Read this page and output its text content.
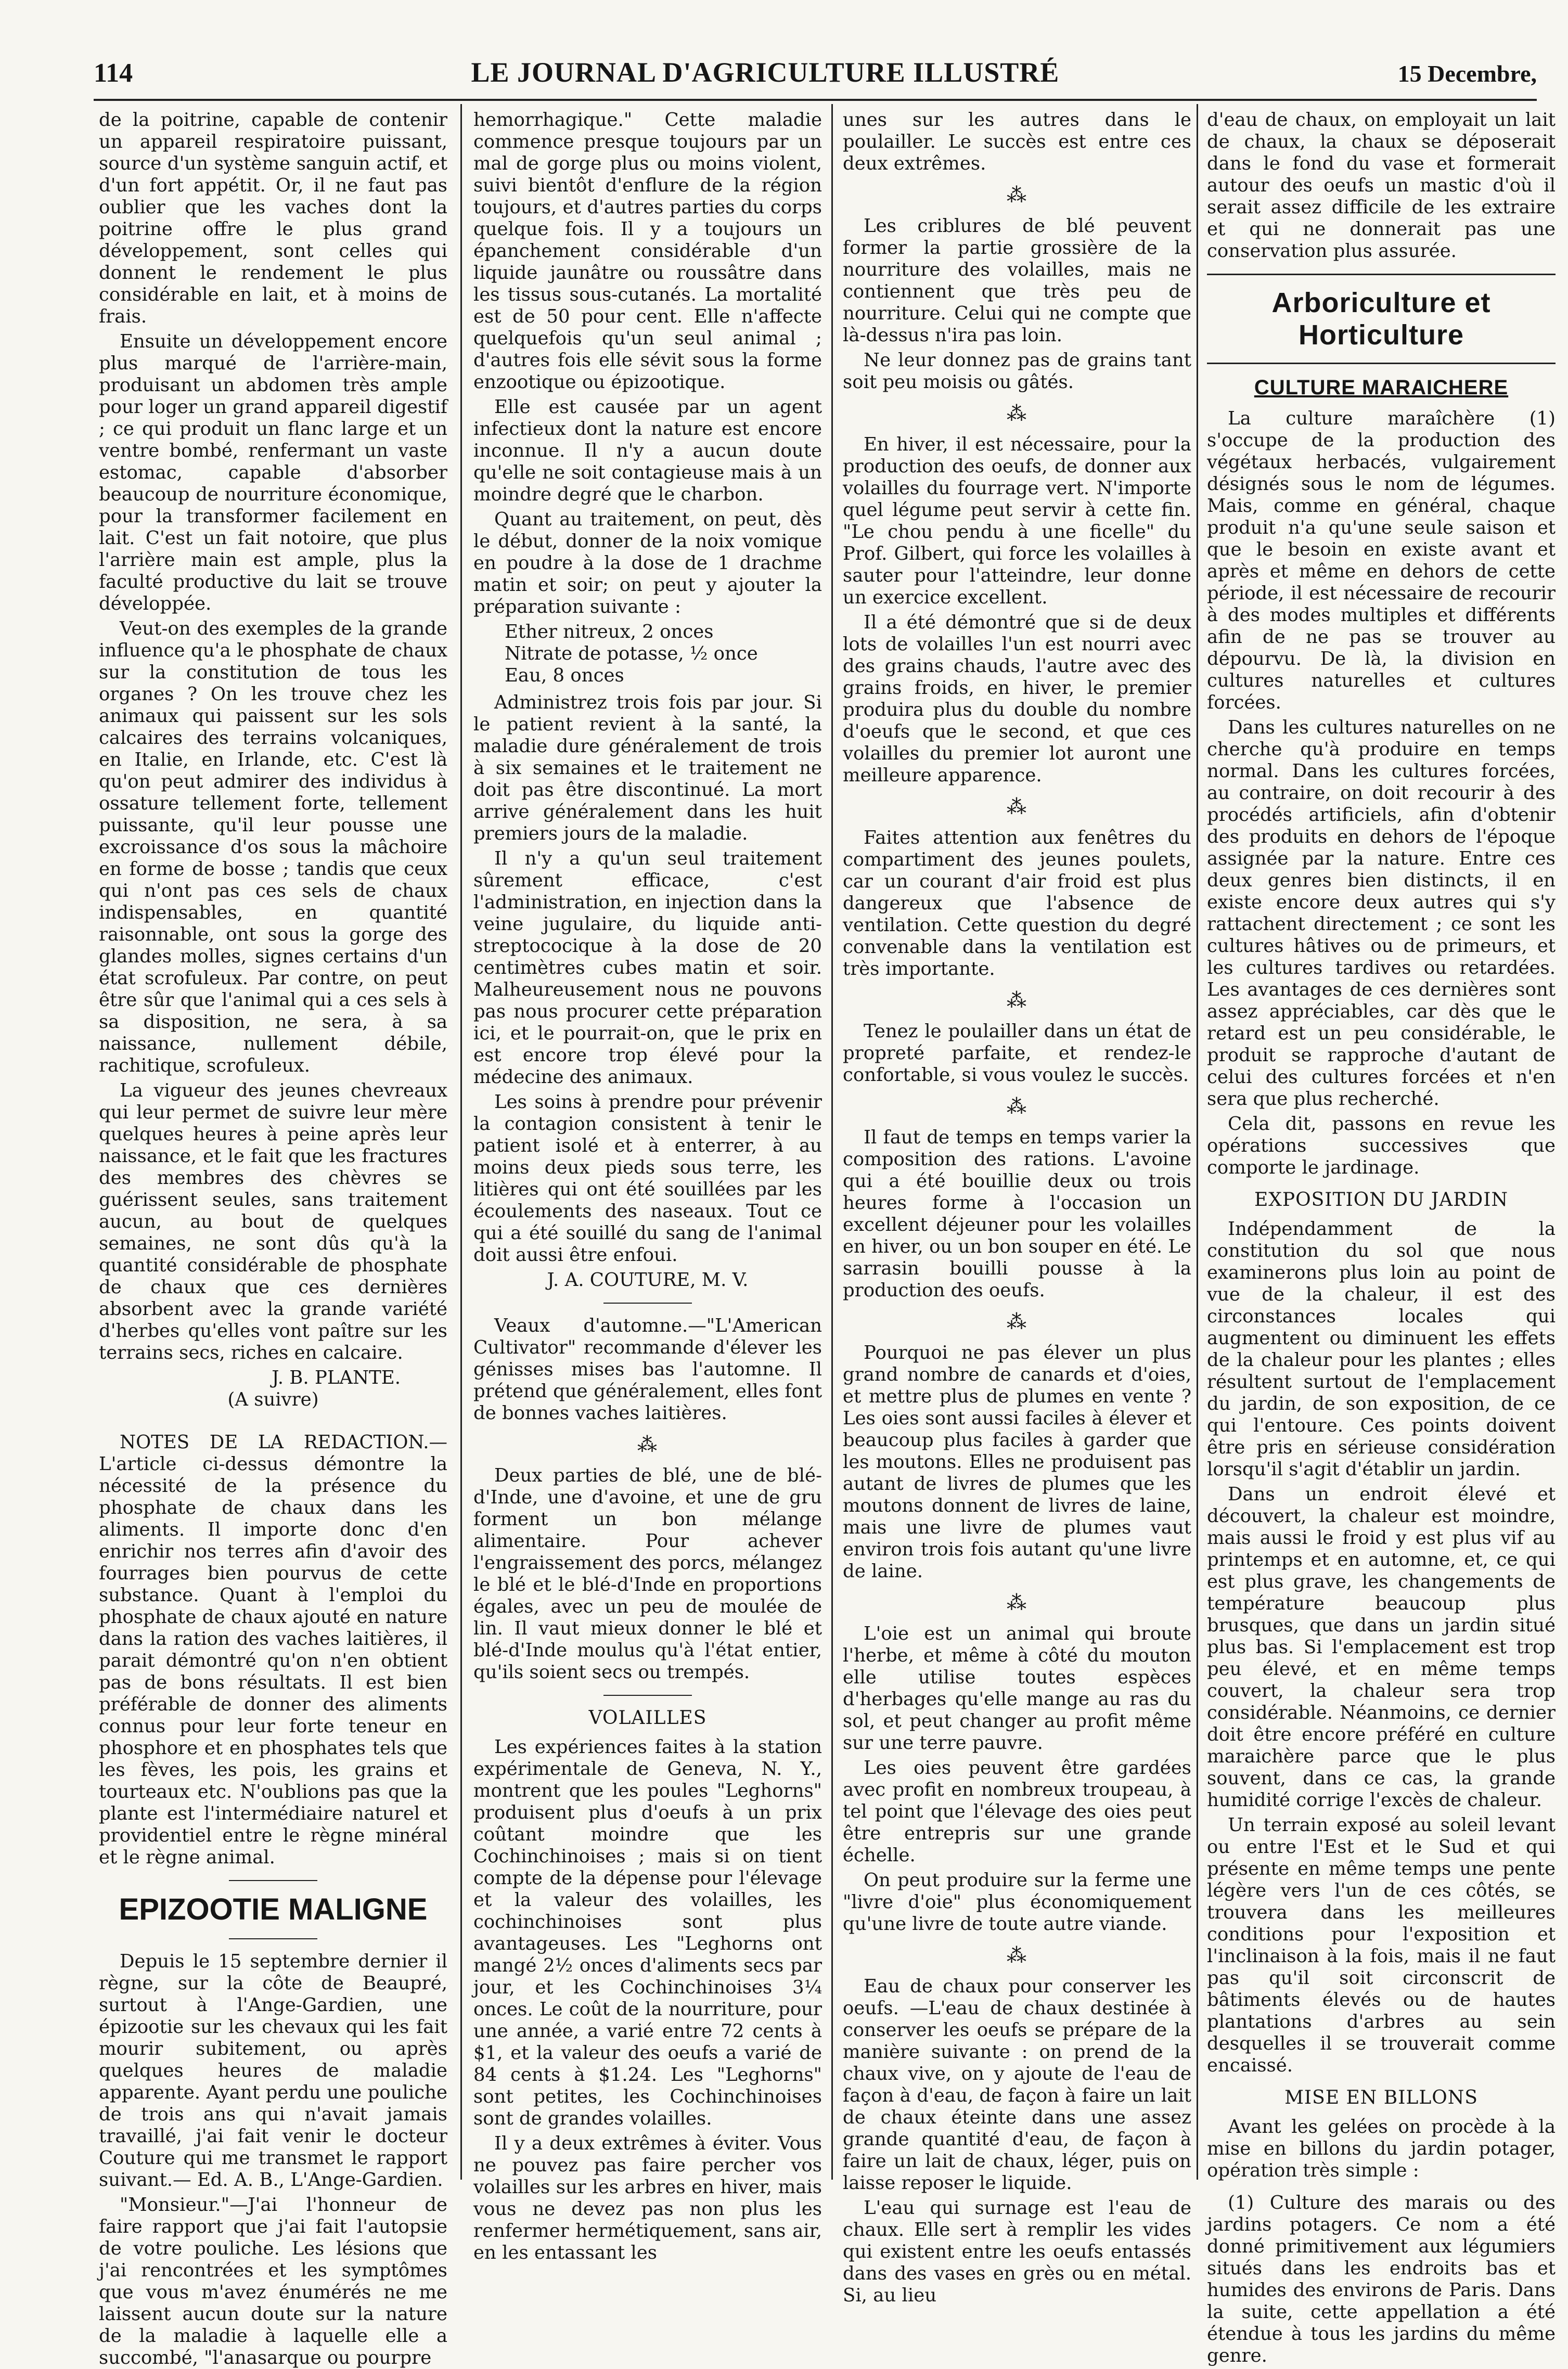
114	LE JOURNAL D'AGRICULTURE ILLUSTRÉ	15 Decembre,

de la poitrine, capable de contenir un appareil respiratoire puissant, source d'un système sanguin actif, et d'un fort appétit. Or, il ne faut pas oublier que les vaches dont la poitrine offre le plus grand développement, sont celles qui donnent le rendement le plus considérable en lait, et à moins de frais.

Ensuite un développement encore plus marqué de l'arrière-main, produisant un abdomen très ample pour loger un grand appareil digestif ; ce qui produit un flanc large et un ventre bombé, renfermant un vaste estomac, capable d'absorber beaucoup de nourriture économique, pour la transformer facilement en lait. C'est un fait notoire, que plus l'arrière main est ample, plus la faculté productive du lait se trouve développée.

Veut-on des exemples de la grande influence qu'a le phosphate de chaux sur la constitution de tous les organes ? On les trouve chez les animaux qui paissent sur les sols calcaires des terrains volcaniques, en Italie, en Irlande, etc. C'est là qu'on peut admirer des individus à ossature tellement forte, tellement puissante, qu'il leur pousse une excroissance d'os sous la mâchoire en forme de bosse ; tandis que ceux qui n'ont pas ces sels de chaux indispensables, en quantité raisonnable, ont sous la gorge des glandes molles, signes certains d'un état scrofuleux. Par contre, on peut être sûr que l'animal qui a ces sels à sa disposition, ne sera, à sa naissance, nullement débile, rachitique, scrofuleux.

La vigueur des jeunes chevreaux qui leur permet de suivre leur mère quelques heures à peine après leur naissance, et le fait que les fractures des membres des chèvres se guérissent seules, sans traitement aucun, au bout de quelques semaines, ne sont dûs qu'à la quantité considérable de phosphate de chaux que ces dernières absorbent avec la grande variété d'herbes qu'elles vont paître sur les terrains secs, riches en calcaire.

J. B. PLANTE.
(A suivre)

NOTES DE LA REDACTION.—L'article ci-dessus démontre la nécessité de la présence du phosphate de chaux dans les aliments. Il importe donc d'en enrichir nos terres afin d'avoir des fourrages bien pourvus de cette substance. Quant à l'emploi du phosphate de chaux ajouté en nature dans la ration des vaches laitières, il parait démontré qu'on n'en obtient pas de bons résultats. Il est bien préférable de donner des aliments connus pour leur forte teneur en phosphore et en phosphates tels que les fèves, les pois, les grains et tourteaux etc. N'oublions pas que la plante est l'intermédiaire naturel et providentiel entre le règne minéral et le règne animal.

EPIZOOTIE MALIGNE

Depuis le 15 septembre dernier il règne, sur la côte de Beaupré, surtout à l'Ange-Gardien, une épizootie sur les chevaux qui les fait mourir subitement, ou après quelques heures de maladie apparente. Ayant perdu une pouliche de trois ans qui n'avait jamais travaillé, j'ai fait venir le docteur Couture qui me transmet le rapport suivant.— Ed. A. B., L'Ange-Gardien.

"Monsieur."—J'ai l'honneur de faire rapport que j'ai fait l'autopsie de votre pouliche. Les lésions que j'ai rencontrées et les symptômes que vous m'avez énumérés ne me laissent aucun doute sur la nature de la maladie à laquelle elle a succombé, "l'anasarque ou pourpre

hemorrhagique." Cette maladie commence presque toujours par un mal de gorge plus ou moins violent, suivi bientôt d'enflure de la région toujours, et d'autres parties du corps quelque fois. Il y a toujours un épanchement considérable d'un liquide jaunâtre ou roussâtre dans les tissus sous-cutanés. La mortalité est de 50 pour cent. Elle n'affecte quelquefois qu'un seul animal ; d'autres fois elle sévit sous la forme enzootique ou épizootique.

Elle est causée par un agent infectieux dont la nature est encore inconnue. Il n'y a aucun doute qu'elle ne soit contagieuse mais à un moindre degré que le charbon.

Quant au traitement, on peut, dès le début, donner de la noix vomique en poudre à la dose de 1 drachme matin et soir; on peut y ajouter la préparation suivante :

Ether nitreux, 2 onces
Nitrate de potasse, ½ once
Eau, 8 onces

Administrez trois fois par jour. Si le patient revient à la santé, la maladie dure généralement de trois à six semaines et le traitement ne doit pas être discontinué. La mort arrive généralement dans les huit premiers jours de la maladie.

Il n'y a qu'un seul traitement sûrement efficace, c'est l'administration, en injection dans la veine jugulaire, du liquide anti-streptococique à la dose de 20 centimètres cubes matin et soir. Malheureusement nous ne pouvons pas nous procurer cette préparation ici, et le pourrait-on, que le prix en est encore trop élevé pour la médecine des animaux.

Les soins à prendre pour prévenir la contagion consistent à tenir le patient isolé et à enterrer, à au moins deux pieds sous terre, les litières qui ont été souillées par les écoulements des naseaux. Tout ce qui a été souillé du sang de l'animal doit aussi être enfoui.

J. A. COUTURE, M. V.

Veaux d'automne.—"L'American Cultivator" recommande d'élever les génisses mises bas l'automne. Il prétend que généralement, elles font de bonnes vaches laitières.

⁂

Deux parties de blé, une de blé-d'Inde, une d'avoine, et une de gru forment un bon mélange alimentaire. Pour achever l'engraissement des porcs, mélangez le blé et le blé-d'Inde en proportions égales, avec un peu de moulée de lin. Il vaut mieux donner le blé et blé-d'Inde moulus qu'à l'état entier, qu'ils soient secs ou trempés.

VOLAILLES

Les expériences faites à la station expérimentale de Geneva, N. Y., montrent que les poules "Leghorns" produisent plus d'oeufs à un prix coûtant moindre que les Cochinchinoises ; mais si on tient compte de la dépense pour l'élevage et la valeur des volailles, les cochinchinoises sont plus avantageuses. Les "Leghorns ont mangé 2½ onces d'aliments secs par jour, et les Cochinchinoises 3¼ onces. Le coût de la nourriture, pour une année, a varié entre 72 cents à $1, et la valeur des oeufs a varié de 84 cents à $1.24. Les "Leghorns" sont petites, les Cochinchinoises sont de grandes volailles.

Il y a deux extrêmes à éviter. Vous ne pouvez pas faire percher vos volailles sur les arbres en hiver, mais vous ne devez pas non plus les renfermer hermétiquement, sans air, en les entassant les

unes sur les autres dans le poulailler. Le succès est entre ces deux extrêmes.

⁂

Les criblures de blé peuvent former la partie grossière de la nourriture des volailles, mais ne contiennent que très peu de nourriture. Celui qui ne compte que là-dessus n'ira pas loin.

Ne leur donnez pas de grains tant soit peu moisis ou gâtés.

⁂

En hiver, il est nécessaire, pour la production des oeufs, de donner aux volailles du fourrage vert. N'importe quel légume peut servir à cette fin. "Le chou pendu à une ficelle" du Prof. Gilbert, qui force les volailles à sauter pour l'atteindre, leur donne un exercice excellent.

Il a été démontré que si de deux lots de volailles l'un est nourri avec des grains chauds, l'autre avec des grains froids, en hiver, le premier produira plus du double du nombre d'oeufs que le second, et que ces volailles du premier lot auront une meilleure apparence.

⁂

Faites attention aux fenêtres du compartiment des jeunes poulets, car un courant d'air froid est plus dangereux que l'absence de ventilation. Cette question du degré convenable dans la ventilation est très importante.

⁂

Tenez le poulailler dans un état de propreté parfaite, et rendez-le confortable, si vous voulez le succès.

⁂

Il faut de temps en temps varier la composition des rations. L'avoine qui a été bouillie deux ou trois heures forme à l'occasion un excellent déjeuner pour les volailles en hiver, ou un bon souper en été. Le sarrasin bouilli pousse à la production des oeufs.

⁂

Pourquoi ne pas élever un plus grand nombre de canards et d'oies, et mettre plus de plumes en vente ? Les oies sont aussi faciles à élever et beaucoup plus faciles à garder que les moutons. Elles ne produisent pas autant de livres de plumes que les moutons donnent de livres de laine, mais une livre de plumes vaut environ trois fois autant qu'une livre de laine.

⁂

L'oie est un animal qui broute l'herbe, et même à côté du mouton elle utilise toutes espèces d'herbages qu'elle mange au ras du sol, et peut changer au profit même sur une terre pauvre.

Les oies peuvent être gardées avec profit en nombreux troupeau, à tel point que l'élevage des oies peut être entrepris sur une grande échelle.

On peut produire sur la ferme une "livre d'oie" plus économiquement qu'une livre de toute autre viande.

⁂

Eau de chaux pour conserver les oeufs. —L'eau de chaux destinée à conserver les oeufs se prépare de la manière suivante : on prend de la chaux vive, on y ajoute de l'eau de façon à d'eau, de façon à faire un lait de chaux éteinte dans une assez grande quantité d'eau, de façon à faire un lait de chaux, léger, puis on laisse reposer le liquide.

L'eau qui surnage est l'eau de chaux. Elle sert à remplir les vides qui existent entre les oeufs entassés dans des vases en grès ou en métal. Si, au lieu

d'eau de chaux, on employait un lait de chaux, la chaux se déposerait dans le fond du vase et formerait autour des oeufs un mastic d'où il serait assez difficile de les extraire et qui ne donnerait pas une conservation plus assurée.

Arboriculture et Horticulture
CULTURE MARAICHERE

La culture maraîchère (1) s'occupe de la production des végétaux herbacés, vulgairement désignés sous le nom de légumes. Mais, comme en général, chaque produit n'a qu'une seule saison et que le besoin en existe avant et après et même en dehors de cette période, il est nécessaire de recourir à des modes multiples et différents afin de ne pas se trouver au dépourvu. De là, la division en cultures naturelles et cultures forcées.

Dans les cultures naturelles on ne cherche qu'à produire en temps normal. Dans les cultures forcées, au contraire, on doit recourir à des procédés artificiels, afin d'obtenir des produits en dehors de l'époque assignée par la nature. Entre ces deux genres bien distincts, il en existe encore deux autres qui s'y rattachent directement ; ce sont les cultures hâtives ou de primeurs, et les cultures tardives ou retardées. Les avantages de ces dernières sont assez appréciables, car dès que le retard est un peu considérable, le produit se rapproche d'autant de celui des cultures forcées et n'en sera que plus recherché.

Cela dit, passons en revue les opérations successives que comporte le jardinage.

EXPOSITION DU JARDIN

Indépendamment de la constitution du sol que nous examinerons plus loin au point de vue de la chaleur, il est des circonstances locales qui augmentent ou diminuent les effets de la chaleur pour les plantes ; elles résultent surtout de l'emplacement du jardin, de son exposition, de ce qui l'entoure. Ces points doivent être pris en sérieuse considération lorsqu'il s'agit d'établir un jardin.

Dans un endroit élevé et découvert, la chaleur est moindre, mais aussi le froid y est plus vif au printemps et en automne, et, ce qui est plus grave, les changements de température beaucoup plus brusques, que dans un jardin situé plus bas. Si l'emplacement est trop peu élevé, et en même temps couvert, la chaleur sera trop considérable. Néanmoins, ce dernier doit être encore préféré en culture maraichère parce que le plus souvent, dans ce cas, la grande humidité corrige l'excès de chaleur.

Un terrain exposé au soleil levant ou entre l'Est et le Sud et qui présente en même temps une pente légère vers l'un de ces côtés, se trouvera dans les meilleures conditions pour l'exposition et l'inclinaison à la fois, mais il ne faut pas qu'il soit circonscrit de bâtiments élevés ou de hautes plantations d'arbres au sein desquelles il se trouverait comme encaissé.

MISE EN BILLONS

Avant les gelées on procède à la mise en billons du jardin potager, opération très simple :

(1) Culture des marais ou des jardins potagers. Ce nom a été donné primitivement aux légumiers situés dans les endroits bas et humides des environs de Paris. Dans la suite, cette appellation a été étendue à tous les jardins du même genre.
